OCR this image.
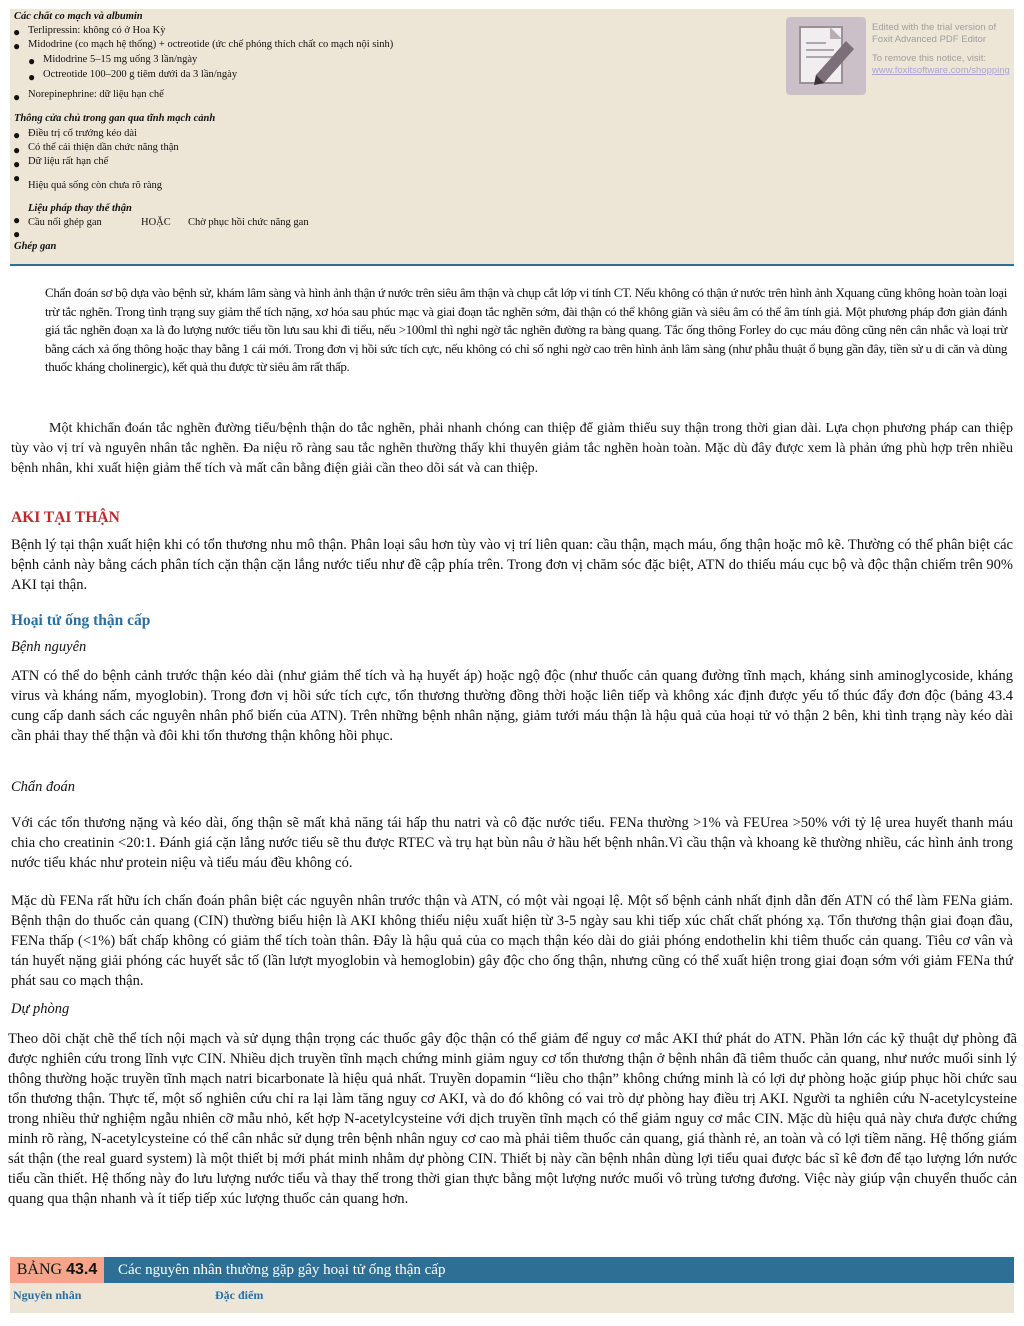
Các chất co mạch và albumin
● Terlipressin: không có ở Hoa Kỳ
● Midodrine (co mạch hệ thống) + octreotide (ức chế phóng thích chất co mạch nội sinh)
● Midodrine 5–15 mg uống 3 lần/ngày
● Octreotide 100–200 g tiêm dưới da 3 lần/ngày
● Norepinephrine: dữ liệu hạn chế
Thông cửa chủ trong gan qua tĩnh mạch cảnh
● Điều trị cổ trướng kéo dài
● Có thể cải thiện dần chức năng thận
● Dữ liệu rất hạn chế
●
Hiệu quả sống còn chưa rõ ràng
Liệu pháp thay thế thận
● Cầu nối ghép gan	HOẶC Chờ phục hồi chức năng gan
●
Ghép gan
Edited with the trial version of
Foxit Advanced PDF Editor
To remove this notice, visit:
www.foxitsoftware.com/shopping
Chẩn đoán sơ bộ dựa vào bệnh sử, khám lâm sàng và hình ảnh thận ứ nước trên siêu âm thận và chụp cắt lớp vi tính CT. Nếu không có thận ứ nước trên hình ảnh Xquang cũng không hoàn toàn loại trừ tắc nghẽn. Trong tình trạng suy giảm thể tích nặng, xơ hóa sau phúc mạc và giai đoạn tắc nghẽn sớm, đài thận có thể không giãn và siêu âm có thể âm tính giả. Một phương pháp đơn giản đánh giá tắc nghẽn đoạn xa là đo lượng nước tiểu tồn lưu sau khi đi tiểu, nếu >100ml thì nghi ngờ tắc nghẽn đường ra bàng quang. Tắc ống thông Forley do cục máu đông cũng nên cân nhắc và loại trừ bằng cách xả ống thông hoặc thay bằng 1 cái mới. Trong đơn vị hồi sức tích cực, nếu không có chỉ số nghi ngờ cao trên hình ảnh lâm sàng (như phẫu thuật ổ bụng gần đây, tiền sử u di căn và dùng thuốc kháng cholinergic), kết quả thu được từ siêu âm rất thấp.
Một khichẩn đoán tắc nghẽn đường tiểu/bệnh thận do tắc nghẽn, phải nhanh chóng can thiệp để giảm thiểu suy thận trong thời gian dài. Lựa chọn phương pháp can thiệp tùy vào vị trí và nguyên nhân tắc nghẽn. Đa niệu rõ ràng sau tắc nghẽn thường thấy khi thuyên giảm tắc nghẽn hoàn toàn. Mặc dù đây được xem là phản ứng phù hợp trên nhiều bệnh nhân, khi xuất hiện giảm thể tích và mất cân bằng điện giải cần theo dõi sát và can thiệp.
AKI TẠI THẬN
Bệnh lý tại thận xuất hiện khi có tổn thương nhu mô thận. Phân loại sâu hơn tùy vào vị trí liên quan: cầu thận, mạch máu, ống thận hoặc mô kẽ. Thường có thể phân biệt các bệnh cảnh này bằng cách phân tích cặn thận cặn lắng nước tiểu như đề cập phía trên. Trong đơn vị chăm sóc đặc biệt, ATN do thiếu máu cục bộ và độc thận chiếm trên 90% AKI tại thận.
Hoại tử ống thận cấp
Bệnh nguyên
ATN có thể do bệnh cảnh trước thận kéo dài (như giảm thể tích và hạ huyết áp) hoặc ngộ độc (như thuốc cản quang đường tĩnh mạch, kháng sinh aminoglycoside, kháng virus và kháng nấm, myoglobin). Trong đơn vị hồi sức tích cực, tổn thương thường đồng thời hoặc liên tiếp và không xác định được yếu tố thúc đẩy đơn độc (bảng 43.4 cung cấp danh sách các nguyên nhân phổ biến của ATN). Trên những bệnh nhân nặng, giảm tưới máu thận là hậu quả của hoại tử vỏ thận 2 bên, khi tình trạng này kéo dài cần phải thay thế thận và đôi khi tổn thương thận không hồi phục.
Chẩn đoán
Với các tổn thương nặng và kéo dài, ống thận sẽ mất khả năng tái hấp thu natri và cô đặc nước tiểu. FENa thường >1% và FEUrea >50% với tỷ lệ urea huyết thanh máu chia cho creatinin <20:1. Đánh giá cặn lắng nước tiểu sẽ thu được RTEC và trụ hạt bùn nâu ở hầu hết bệnh nhân.Vì cầu thận và khoang kẽ thường nhiều, các hình ảnh trong nước tiểu khác như protein niệu và tiểu máu đều không có.
Mặc dù FENa rất hữu ích chẩn đoán phân biệt các nguyên nhân trước thận và ATN, có một vài ngoại lệ. Một số bệnh cảnh nhất định dẫn đến ATN có thể làm FENa giảm. Bệnh thận do thuốc cản quang (CIN) thường biểu hiện là AKI không thiểu niệu xuất hiện từ 3-5 ngày sau khi tiếp xúc chất chất phóng xạ. Tổn thương thận giai đoạn đầu, FENa thấp (<1%) bất chấp không có giảm thể tích toàn thân. Đây là hậu quả của co mạch thận kéo dài do giải phóng endothelin khi tiêm thuốc cản quang. Tiêu cơ vân và tán huyết nặng giải phóng các huyết sắc tố (lần lượt myoglobin và hemoglobin) gây độc cho ống thận, nhưng cũng có thể xuất hiện trong giai đoạn sớm với giảm FENa thứ phát sau co mạch thận.
Dự phòng
Theo dõi chặt chẽ thể tích nội mạch và sử dụng thận trọng các thuốc gây độc thận có thể giảm để nguy cơ mắc AKI thứ phát do ATN. Phần lớn các kỹ thuật dự phòng đã được nghiên cứu trong lĩnh vực CIN. Nhiều dịch truyền tĩnh mạch chứng minh giảm nguy cơ tổn thương thận ở bệnh nhân đã tiêm thuốc cản quang, như nước muối sinh lý thông thường hoặc truyền tĩnh mạch natri bicarbonate là hiệu quả nhất. Truyền dopamin “liều cho thận” không chứng minh là có lợi dự phòng hoặc giúp phục hồi chức sau tổn thương thận. Thực tế, một số nghiên cứu chỉ ra lại làm tăng nguy cơ AKI, và do đó không có vai trò dự phòng hay điều trị AKI. Người ta nghiên cứu N-acetylcysteine trong nhiều thử nghiệm ngẫu nhiên cỡ mẫu nhỏ, kết hợp N-acetylcysteine với dịch truyền tĩnh mạch có thể giảm nguy cơ mắc CIN. Mặc dù hiệu quả này chưa được chứng minh rõ ràng, N-acetylcysteine có thể cân nhắc sử dụng trên bệnh nhân nguy cơ cao mà phải tiêm thuốc cản quang, giá thành rẻ, an toàn và có lợi tiềm năng. Hệ thống giám sát thận (the real guard system) là một thiết bị mới phát minh nhằm dự phòng CIN. Thiết bị này cần bệnh nhân dùng lợi tiểu quai được bác sĩ kê đơn để tạo lượng lớn nước tiểu cần thiết. Hệ thống này đo lưu lượng nước tiểu và thay thế trong thời gian thực bằng một lượng nước muối vô trùng tương đương. Việc này giúp vận chuyển thuốc cản quang qua thận nhanh và ít tiếp tiếp xúc lượng thuốc cản quang hơn.
BẢNG 43.4	Các nguyên nhân thường gặp gây hoại tử ống thận cấp
Nguyên nhân	Đặc điểm
